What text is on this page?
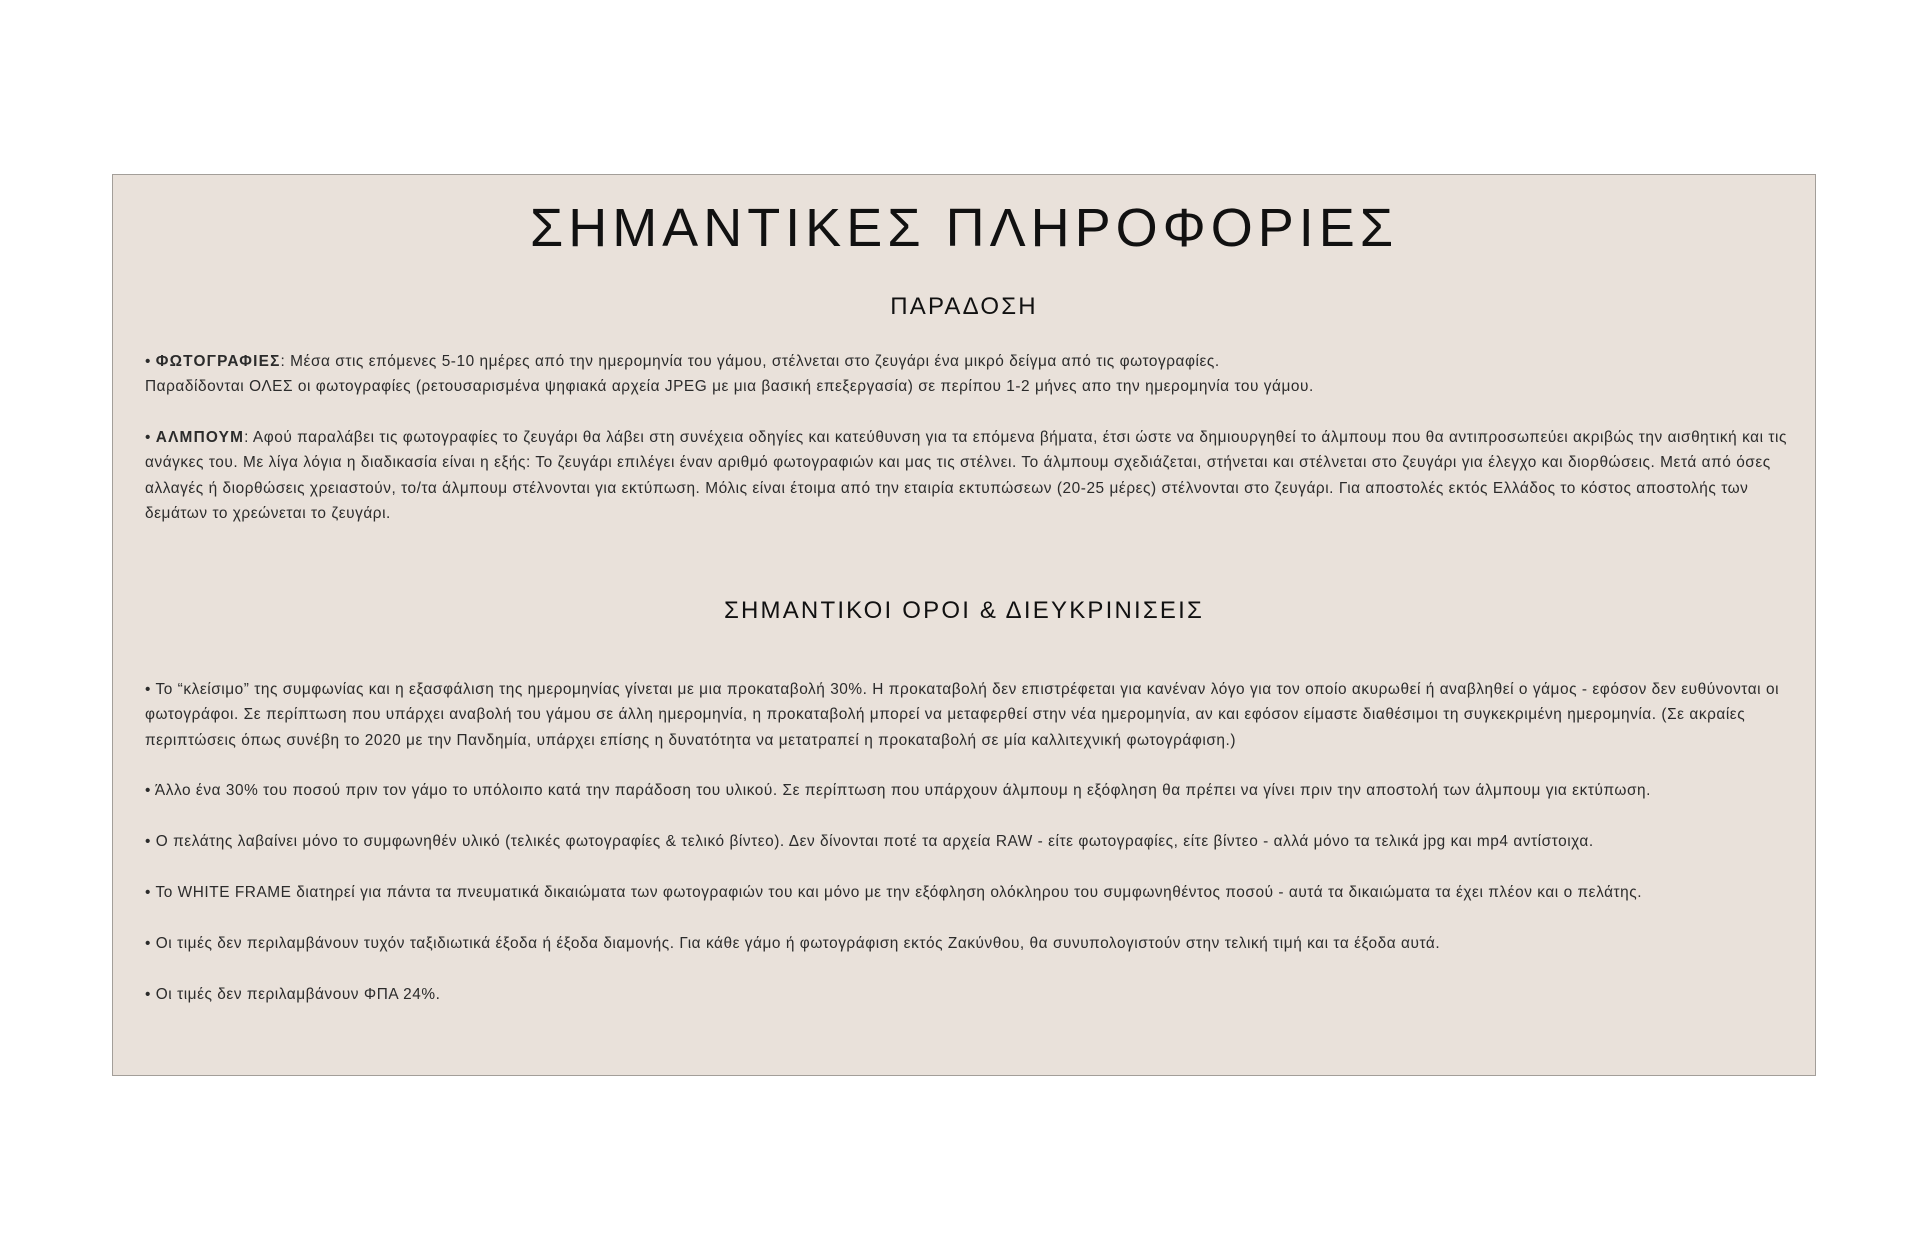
ΣΗΜΑΝΤΙΚΕΣ ΠΛΗΡΟΦΟΡΙΕΣ
ΠΑΡΑΔΟΣΗ

• ΦΩΤΟΓΡΑΦΙΕΣ: Μέσα στις επόμενες 5-10 ημέρες από την ημερομηνία του γάμου, στέλνεται στο ζευγάρι ένα μικρό δείγμα από τις φωτογραφίες.
Παραδίδονται ΟΛΕΣ οι φωτογραφίες (ρετουσαρισμένα ψηφιακά αρχεία JPEG με μια βασική επεξεργασία) σε περίπου 1-2 μήνες απο την ημερομηνία του γάμου.

• ΑΛΜΠΟΥΜ: Αφού παραλάβει τις φωτογραφίες το ζευγάρι θα λάβει στη συνέχεια οδηγίες και κατεύθυνση για τα επόμενα βήματα, έτσι ώστε να δημιουργηθεί το άλμπουμ που θα αντιπροσωπεύει ακριβώς την αισθητική και τις ανάγκες του. Με λίγα λόγια η διαδικασία είναι η εξής: Το ζευγάρι επιλέγει έναν αριθμό φωτογραφιών και μας τις στέλνει. Το άλμπουμ σχεδιάζεται, στήνεται και στέλνεται στο ζευγάρι για έλεγχο και διορθώσεις. Μετά από όσες αλλαγές ή διορθώσεις χρειαστούν, το/τα άλμπουμ στέλνονται για εκτύπωση. Μόλις είναι έτοιμα από την εταιρία εκτυπώσεων (20-25 μέρες) στέλνονται στο ζευγάρι. Για αποστολές εκτός Ελλάδος το κόστος αποστολής των δεμάτων το χρεώνεται το ζευγάρι.

ΣΗΜΑΝΤΙΚΟΙ ΟΡΟΙ & ΔΙΕΥΚΡΙΝΙΣΕΙΣ

• Το “κλείσιμο” της συμφωνίας και η εξασφάλιση της ημερομηνίας γίνεται με μια προκαταβολή 30%. Η προκαταβολή δεν επιστρέφεται για κανέναν λόγο για τον οποίο ακυρωθεί ή αναβληθεί ο γάμος - εφόσον δεν ευθύνονται οι φωτογράφοι. Σε περίπτωση που υπάρχει αναβολή του γάμου σε άλλη ημερομηνία, η προκαταβολή μπορεί να μεταφερθεί στην νέα ημερομηνία, αν και εφόσον είμαστε διαθέσιμοι τη συγκεκριμένη ημερομηνία. (Σε ακραίες περιπτώσεις όπως συνέβη το 2020 με την Πανδημία, υπάρχει επίσης η δυνατότητα να μετατραπεί η προκαταβολή σε μία καλλιτεχνική φωτογράφιση.)

• Άλλο ένα 30% του ποσού πριν τον γάμο το υπόλοιπο κατά την παράδοση του υλικού. Σε περίπτωση που υπάρχουν άλμπουμ η εξόφληση θα πρέπει να γίνει πριν την αποστολή των άλμπουμ για εκτύπωση.

• Ο πελάτης λαβαίνει μόνο το συμφωνηθέν υλικό (τελικές φωτογραφίες & τελικό βίντεο). Δεν δίνονται ποτέ τα αρχεία RAW - είτε φωτογραφίες, είτε βίντεο - αλλά μόνο τα τελικά jpg και mp4 αντίστοιχα.

• Το WHITE FRAME διατηρεί για πάντα τα πνευματικά δικαιώματα των φωτογραφιών του και μόνο με την εξόφληση ολόκληρου του συμφωνηθέντος ποσού - αυτά τα δικαιώματα τα έχει πλέον και ο πελάτης.

• Οι τιμές δεν περιλαμβάνουν τυχόν ταξιδιωτικά έξοδα ή έξοδα διαμονής. Για κάθε γάμο ή φωτογράφιση εκτός Ζακύνθου, θα συνυπολογιστούν στην τελική τιμή και τα έξοδα αυτά.

• Οι τιμές δεν περιλαμβάνουν ΦΠΑ 24%.
